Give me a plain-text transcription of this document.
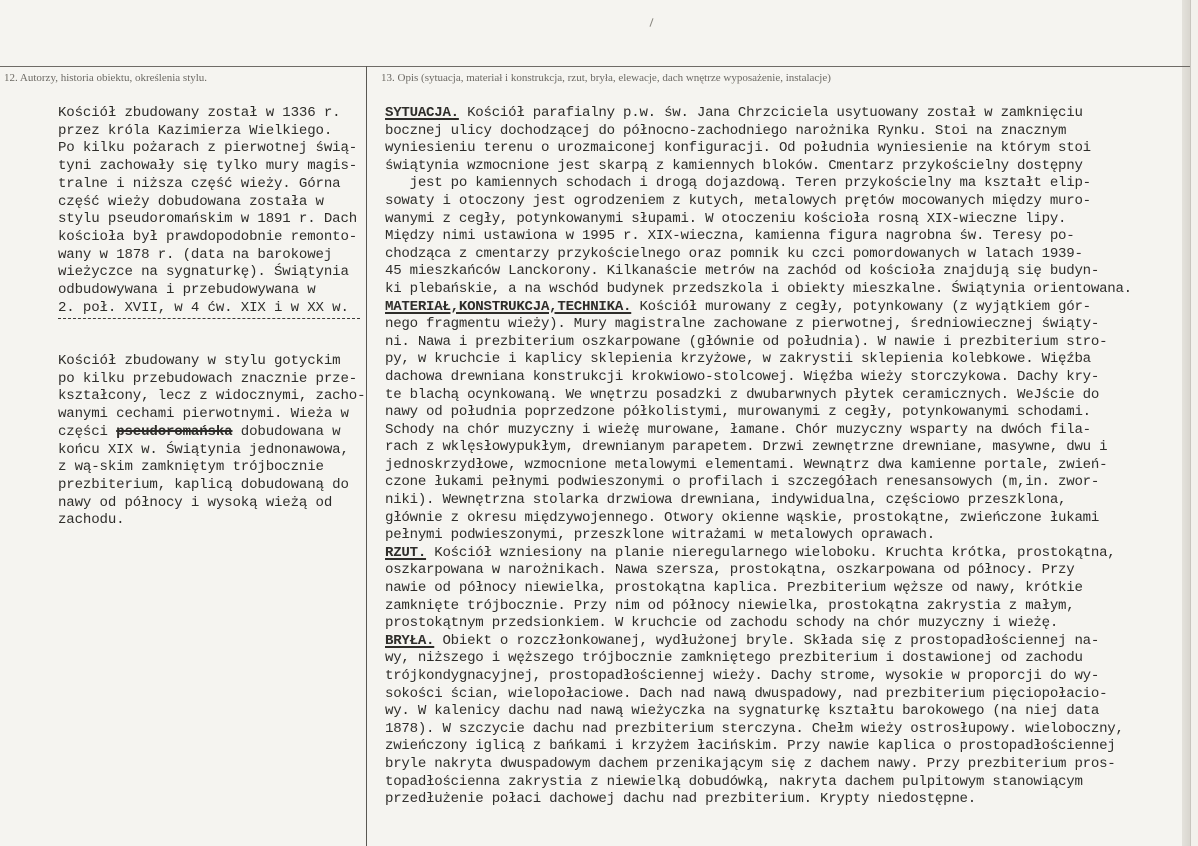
12. Autorzy, historia obiektu, określenia stylu.	13. Opis (sytuacja, materiał i konstrukcja, rzut, bryła, elewacje, dach wnętrze wyposażenie, instalacje)
Kościół zbudowany został w 1336 r.
przez króla Kazimierza Wielkiego.
Po kilku pożarach z pierwotnej świą-
tyni zachowały się tylko mury magis-
tralne i niższa część wieży. Górna
część wieży dobudowana została w
stylu pseudoromańskim w 1891 r. Dach
kościoła był prawdopodobnie remonto-
wany w 1878 r. (data na barokowej
wieżyczce na sygnaturkę). Świątynia
odbudowywana i przebudowywana w
2. poł. XVII, w 4 ćw. XIX i w XX w.
Kościół zbudowany w stylu gotyckim
po kilku przebudowach znacznie prze-
kształcony, lecz z widocznymi, zacho-
wanymi cechami pierwotnymi. Wieża w
części pseudoromańska dobudowana w
końcu XIX w. Świątynia jednonawowa,
z wą-skim zamkniętym trójbocznie
prezbiterium, kaplicą dobudowaną do
nawy od północy i wysoką wieżą od
zachodu.
SYTUACJA. Kościół parafialny p.w. św. Jana Chrzciciela usytuowany został w zamknięciu
bocznej ulicy dochodzącej do północno-zachodniego narożnika Rynku. Stoi na znacznym
wyniesieniu terenu o urozmaiconej konfiguracji. Od południa wyniesienie na którym stoi
świątynia wzmocnione jest skarpą z kamiennych bloków. Cmentarz przykościelny dostępny
jest po kamiennych schodach i drogą dojazdową. Teren przykościelny ma kształt elip-
sowaty i otoczony jest ogrodzeniem z kutych, metalowych prętów mocowanych między muro-
wanymi z cegły, potynkowanymi słupami. W otoczeniu kościoła rosną XIX-wieczne lipy.
Między nimi ustawiona w 1995 r. XIX-wieczna, kamienna figura nagrobna św. Teresy po-
chodząca z cmentarzy przykościelnego oraz pomnik ku czci pomordowanych w latach 1939-
45 mieszkańców Lanckorony. Kilkanaście metrów na zachód od kościoła znajdują się budyn-
ki plebańskie, a na wschód budynek przedszkola i obiekty mieszkalne. Świątynia orientowana.
MATERIAŁ,KONSTRUKCJA,TECHNIKA. Kościół murowany z cegły, potynkowany (z wyjątkiem gór-
nego fragmentu wieży). Mury magistralne zachowane z pierwotnej, średniowiecznej świąty-
ni. Nawa i prezbiterium oszkarpowane (głównie od południa). W nawie i prezbiterium stro-
py, w kruchcie i kaplicy sklepienia krzyżowe, w zakrystii sklepienia kolebkowe. Więźba
dachowa drewniana konstrukcji krokwiowo-stolcowej. Więźba wieży storczykowa. Dachy kry-
te blachą ocynkowaną. We wnętrzu posadzki z dwubarwnych płytek ceramicznych. WeJście do
nawy od południa poprzedzone półkolistymi, murowanymi z cegły, potynkowanymi schodami.
Schody na chór muzyczny i wieżę murowane, łamane. Chór muzyczny wsparty na dwóch fila-
rach z wklęsłowypukłym, drewnianym parapetem. Drzwi zewnętrzne drewniane, masywne, dwu i
jednoskrzydłowe, wzmocnione metalowymi elementami. Wewnątrz dwa kamienne portale, zwień-
czone łukami pełnymi podwieszonymi o profilach i szczegółach renesansowych (m,in. zwor-
niki). Wewnętrzna stolarka drzwiowa drewniana, indywidualna, częściowo przeszklona,
głównie z okresu międzywojennego. Otwory okienne wąskie, prostokątne, zwieńczone łukami
pełnymi podwieszonymi, przeszklone witrażami w metalowych oprawach.
RZUT. Kościół wzniesiony na planie nieregularnego wieloboku. Kruchta krótka, prostokątna,
oszkarpowana w narożnikach. Nawa szersza, prostokątna, oszkarpowana od północy. Przy
nawie od północy niewielka, prostokątna kaplica. Prezbiterium węższe od nawy, krótkie
zamknięte trójbocznie. Przy nim od północy niewielka, prostokątna zakrystia z małym,
prostokątnym przedsionkiem. W kruchcie od zachodu schody na chór muzyczny i wieżę.
BRYŁA. Obiekt o rozczłonkowanej, wydłużonej bryle. Składa się z prostopadłościennej na-
wy, niższego i węższego trójbocznie zamkniętego prezbiterium i dostawionej od zachodu
trójkondygnacyjnej, prostopadłościennej wieży. Dachy strome, wysokie w proporcji do wy-
sokości ścian, wielopołaciowe. Dach nad nawą dwuspadowy, nad prezbiterium pięciopołacio-
wy. W kalenicy dachu nad nawą wieżyczka na sygnaturkę kształtu barokowego (na niej data
1878). W szczycie dachu nad prezbiterium sterczyna. Chełm wieży ostrosłupowy. wieloboczny,
zwieńczony iglicą z bańkami i krzyżem łacińskim. Przy nawie kaplica o prostopadłościennej
bryle nakryta dwuspadowym dachem przenikającym się z dachem nawy. Przy prezbiterium pros-
topadłościenna zakrystia z niewielką dobudówką, nakryta dachem pulpitowym stanowiącym
przedłużenie połaci dachowej dachu nad prezbiterium. Krypty niedostępne.
